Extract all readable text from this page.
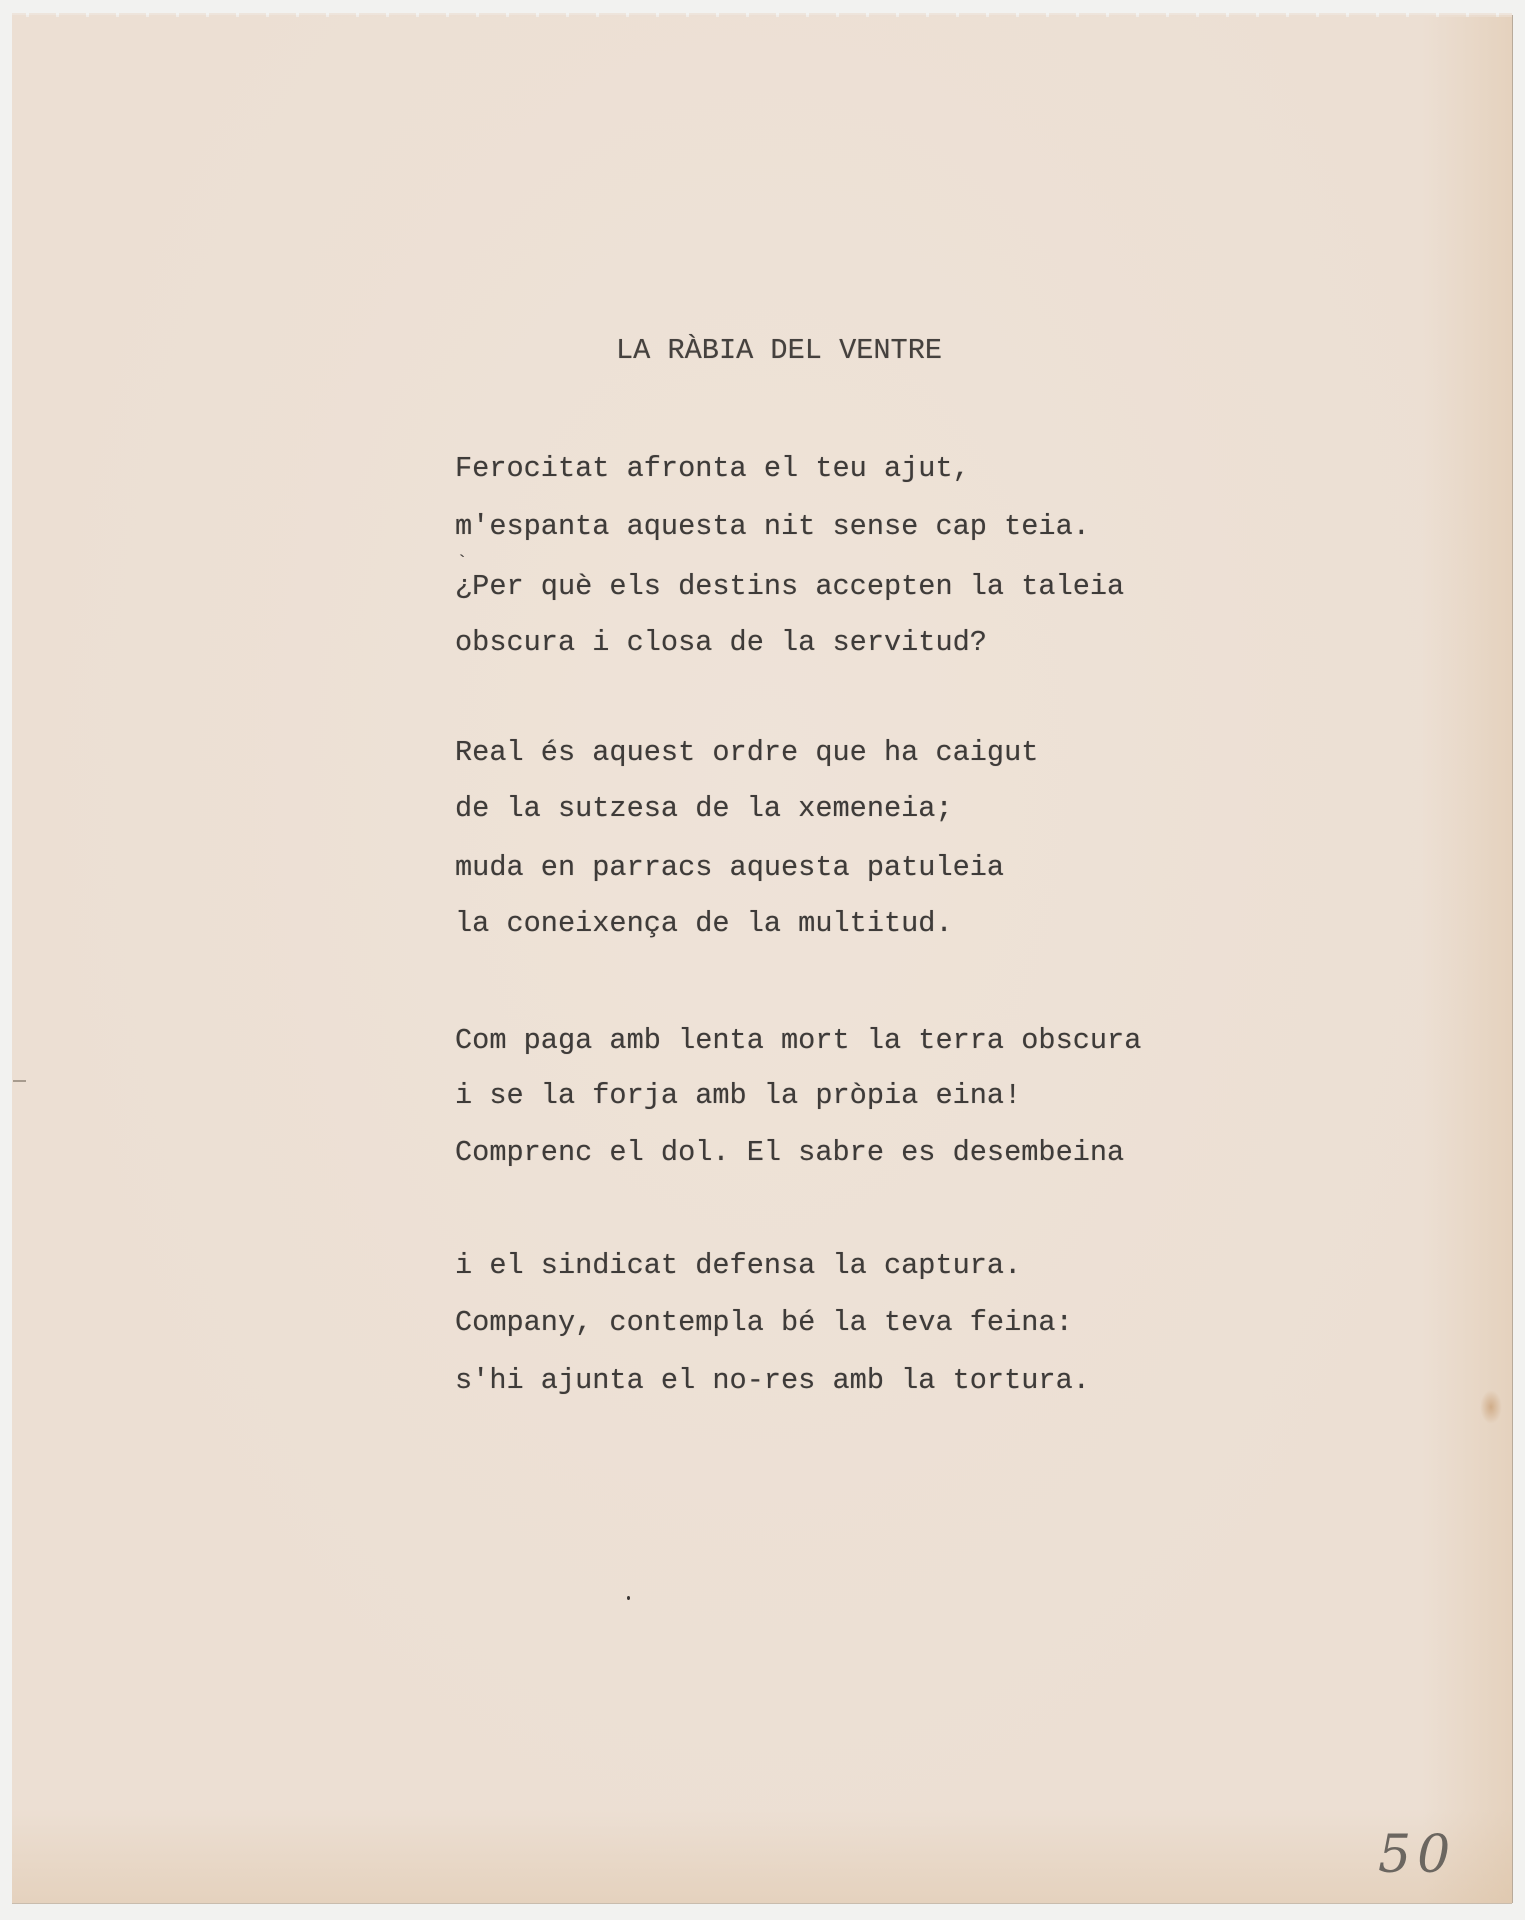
LA RÀBIA DEL VENTRE
Ferocitat afronta el teu ajut,
m'espanta aquesta nit sense cap teia.
`
¿Per què els destins accepten la taleia
obscura i closa de la servitud?
Real és aquest ordre que ha caigut
de la sutzesa de la xemeneia;
muda en parracs aquesta patuleia
la coneixença de la multitud.
Com paga amb lenta mort la terra obscura
i se la forja amb la pròpia eina!
Comprenc el dol. El sabre es desembeina
i el sindicat defensa la captura.
Company, contempla bé la teva feina:
s'hi ajunta el no-res amb la tortura.
50
